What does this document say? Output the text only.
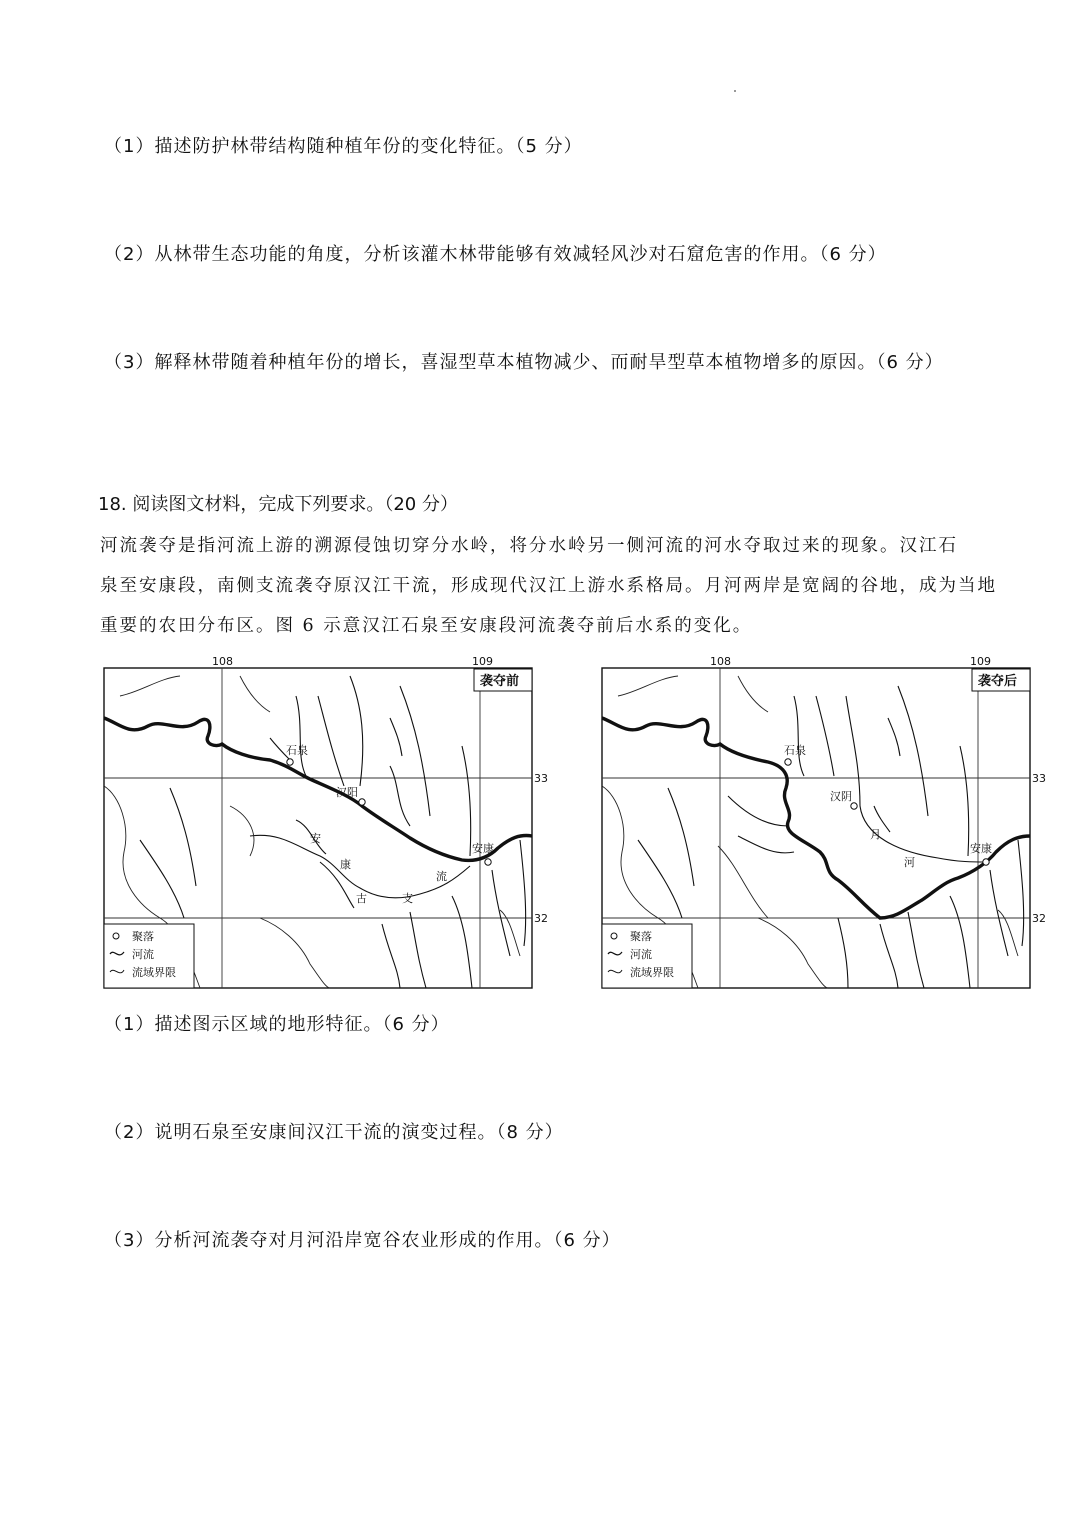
（1）描述防护林带结构随种植年份的变化特征。（5 分）
（2）从林带生态功能的角度，分析该灌木林带能够有效减轻风沙对石窟危害的作用。（6 分）
（3）解释林带随着种植年份的增长，喜湿型草本植物减少、而耐旱型草本植物增多的原因。（6 分）
18. 阅读图文材料，完成下列要求。（20 分）
河流袭夺是指河流上游的溯源侵蚀切穿分水岭，将分水岭另一侧河流的河水夺取过来的现象。汉江石
泉至安康段，南侧支流袭夺原汉江干流，形成现代汉江上游水系格局。月河两岸是宽阔的谷地，成为当地
重要的农田分布区。图 6 示意汉江石泉至安康段河流袭夺前后水系的变化。
108	109
33
32
袭夺前
石泉
汉阳
安康
安
康
古	支
流
聚落
河流
流域界限
108	109
33
32
袭夺后
石泉
汉阴
安康
月
河
聚落
河流
流域界限
（1）描述图示区域的地形特征。（6 分）
（2）说明石泉至安康间汉江干流的演变过程。（8 分）
（3）分析河流袭夺对月河沿岸宽谷农业形成的作用。（6 分）
